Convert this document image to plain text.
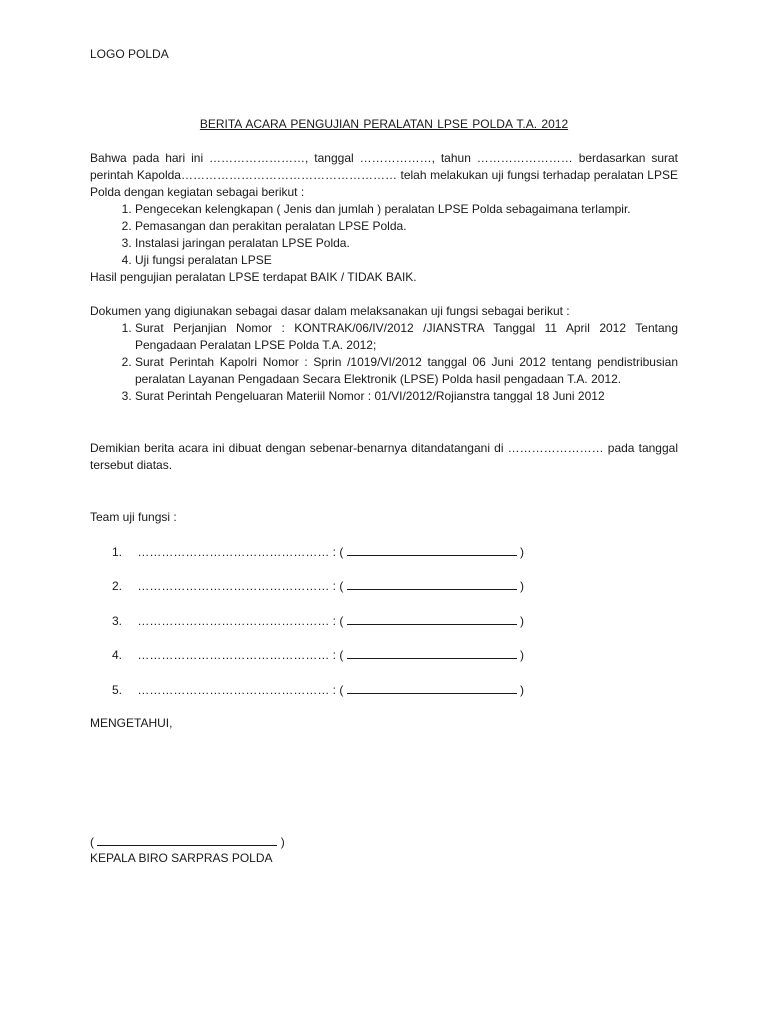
LOGO POLDA
BERITA ACARA PENGUJIAN PERALATAN LPSE POLDA T.A. 2012
Bahwa pada hari ini ……………………, tanggal ………………, tahun …………………… berdasarkan surat perintah Kapolda……………………………………………… telah melakukan uji fungsi terhadap peralatan LPSE Polda dengan kegiatan sebagai berikut :
1. Pengecekan kelengkapan ( Jenis dan jumlah ) peralatan LPSE Polda sebagaimana terlampir.
2. Pemasangan dan perakitan peralatan LPSE Polda.
3. Instalasi jaringan peralatan LPSE Polda.
4. Uji fungsi peralatan LPSE
Hasil pengujian peralatan LPSE terdapat BAIK / TIDAK BAIK.
Dokumen yang digiunakan sebagai dasar dalam melaksanakan uji fungsi sebagai berikut :
1. Surat Perjanjian Nomor : KONTRAK/06/IV/2012 /JIANSTRA Tanggal 11 April 2012 Tentang Pengadaan Peralatan LPSE Polda T.A. 2012;
2. Surat Perintah Kapolri Nomor : Sprin /1019/VI/2012 tanggal 06 Juni 2012 tentang pendistribusian peralatan Layanan Pengadaan Secara Elektronik (LPSE) Polda hasil pengadaan T.A. 2012.
3. Surat Perintah Pengeluaran Materiil Nomor : 01/VI/2012/Rojianstra tanggal 18 Juni 2012
Demikian berita acara ini dibuat dengan sebenar-benarnya ditandatangani di …………………… pada tanggal tersebut diatas.
Team uji fungsi :
1. ………………………………………… : (	)
2. ………………………………………… : (	)
3. ………………………………………… : (	)
4. ………………………………………… : (	)
5. ………………………………………… : (	)
MENGETAHUI,
(	)
KEPALA BIRO SARPRAS POLDA
